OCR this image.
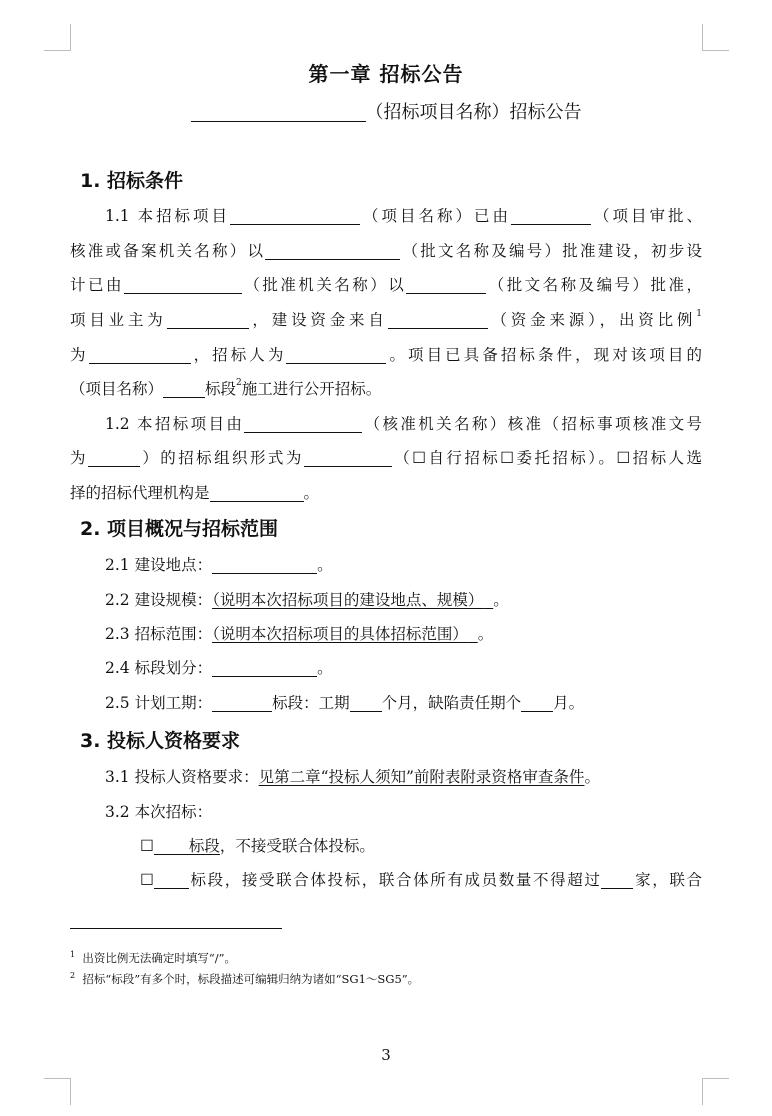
第一章 招标公告
（招标项目名称）招标公告
1. 招标条件
1.1 本招标项目	（项目名称）已由	（项目审批、
核准或备案机关名称）以	（批文名称及编号）批准建设，初步设
计已由	（批准机关名称）以	（批文名称及编号）批准，
项目业主为	，建设资金来自	（资金来源），出资比例$^1$
为	，招标人为	。项目已具备招标条件，现对该项目的
（项目名称）	标段$^2$施工进行公开招标。
1.2 本招标项目由	（核准机关名称）核准（招标事项核准文号
为	）的招标组织形式为	（☐自行招标☐委托招标）。☐招标人选
择的招标代理机构是	。
2. 项目概况与招标范围
2.1 建设地点：	。
2.2 建设规模：（说明本次招标项目的建设地点、规模） 。
2.3 招标范围：（说明本次招标项目的具体招标范围） 。
2.4 标段划分：	。
2.5 计划工期：	标段：工期 个月，缺陷责任期个 月。
3. 投标人资格要求
3.1 投标人资格要求：见第二章“投标人须知”前附表附录资格审查条件。
3.2 本次招标：
☐ 标段，不接受联合体投标。
☐ 标段，接受联合体投标，联合体所有成员数量不得超过 家，联合
$^1$ 出资比例无法确定时填写“/”。
$^2$ 招标“标段”有多个时，标段描述可编辑归纳为诸如“SG1～SG5”。
3
